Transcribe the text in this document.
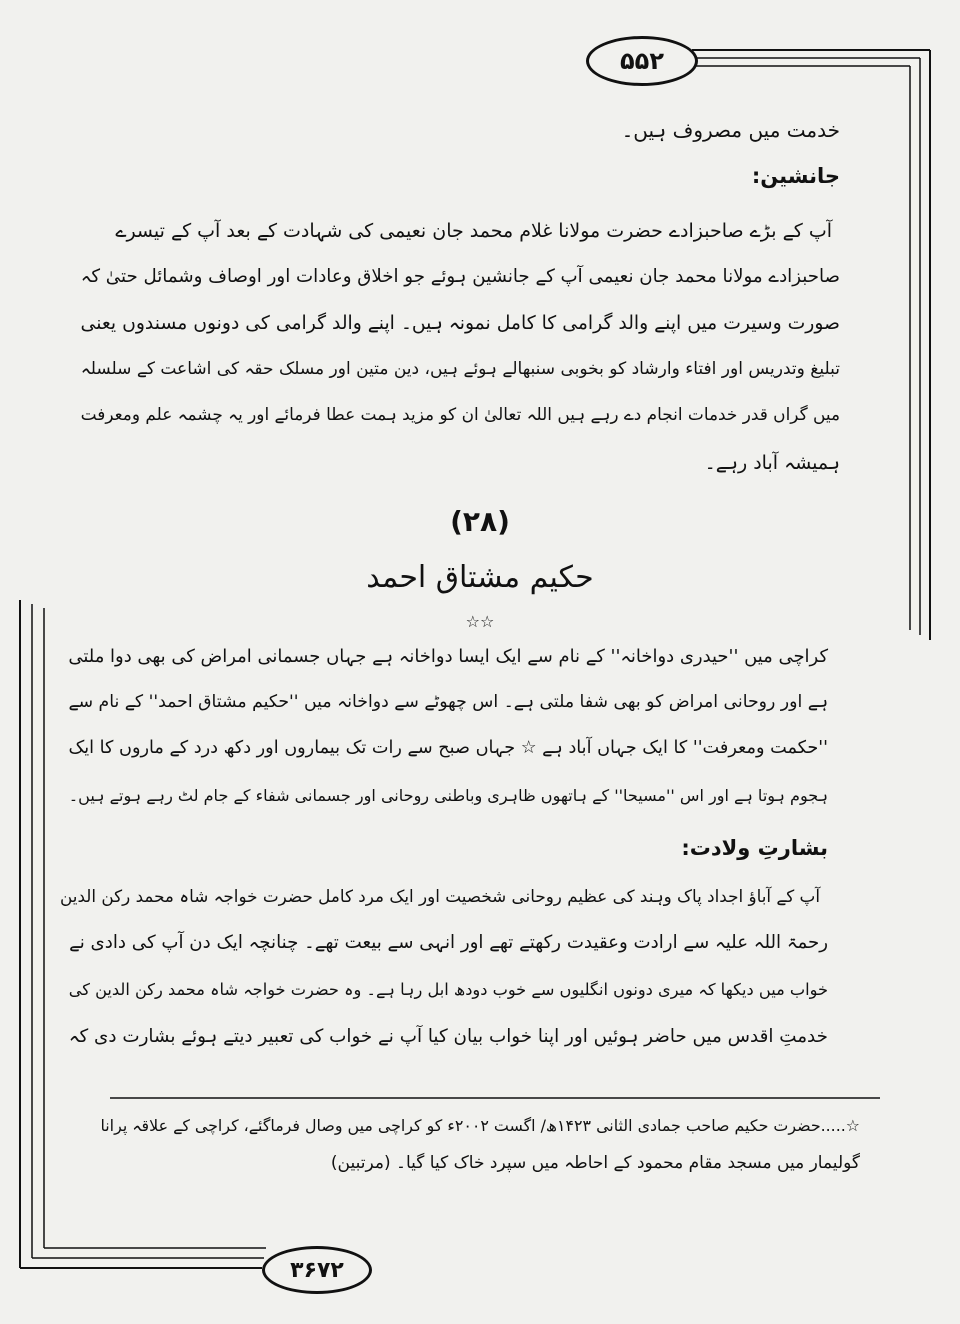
۵۵۲
۳۶۷۲
خدمت میں مصروف ہیں۔
جانشین:
آپ کے بڑے صاحبزادے حضرت مولانا غلام محمد جان نعیمی کی شہادت کے بعد آپ کے تیسرے
صاحبزادے مولانا محمد جان نعیمی آپ کے جانشین ہوئے جو اخلاق وعادات اور اوصاف وشمائل حتیٰ کہ
صورت وسیرت میں اپنے والد گرامی کا کامل نمونہ ہیں۔ اپنے والد گرامی کی دونوں مسندوں یعنی
تبلیغ وتدریس اور افتاء وارشاد کو بخوبی سنبھالے ہوئے ہیں، دین متین اور مسلک حقہ کی اشاعت کے سلسلہ
میں گراں قدر خدمات انجام دے رہے ہیں اللہ تعالیٰ ان کو مزید ہمت عطا فرمائے اور یہ چشمہ علم ومعرفت
ہمیشہ آباد رہے۔
(۲۸)
حکیم مشتاق احمد
☆☆
کراچی میں ''حیدری دواخانہ'' کے نام سے ایک ایسا دواخانہ ہے جہاں جسمانی امراض کی بھی دوا ملتی
ہے اور روحانی امراض کو بھی شفا ملتی ہے۔ اس چھوٹے سے دواخانہ میں ''حکیم مشتاق احمد'' کے نام سے
''حکمت ومعرفت'' کا ایک جہاں آباد ہے ☆ جہاں صبح سے رات تک بیماروں اور دکھ درد کے ماروں کا ایک
ہجوم ہوتا ہے اور اس ''مسیحا'' کے ہاتھوں ظاہری وباطنی روحانی اور جسمانی شفاء کے جام لٹ رہے ہوتے ہیں۔
بشارتِ ولادت:
آپ کے آباؤ اجداد پاک وہند کی عظیم روحانی شخصیت اور ایک مرد کامل حضرت خواجہ شاہ محمد رکن الدین
رحمۃ اللہ علیہ سے ارادت وعقیدت رکھتے تھے اور انہی سے بیعت تھے۔ چنانچہ ایک دن آپ کی دادی نے
خواب میں دیکھا کہ میری دونوں انگلیوں سے خوب دودھ ابل رہا ہے۔ وہ حضرت خواجہ شاہ محمد رکن الدین کی
خدمتِ اقدس میں حاضر ہوئیں اور اپنا خواب بیان کیا آپ نے خواب کی تعبیر دیتے ہوئے بشارت دی کہ
☆.....حضرت حکیم صاحب جمادی الثانی ۱۴۲۳ھ/ اگست ۲۰۰۲ء کو کراچی میں وصال فرماگئے، کراچی کے علاقہ پرانا
گولیمار میں مسجد مقام محمود کے احاطہ میں سپرد خاک کیا گیا۔ (مرتبین)
